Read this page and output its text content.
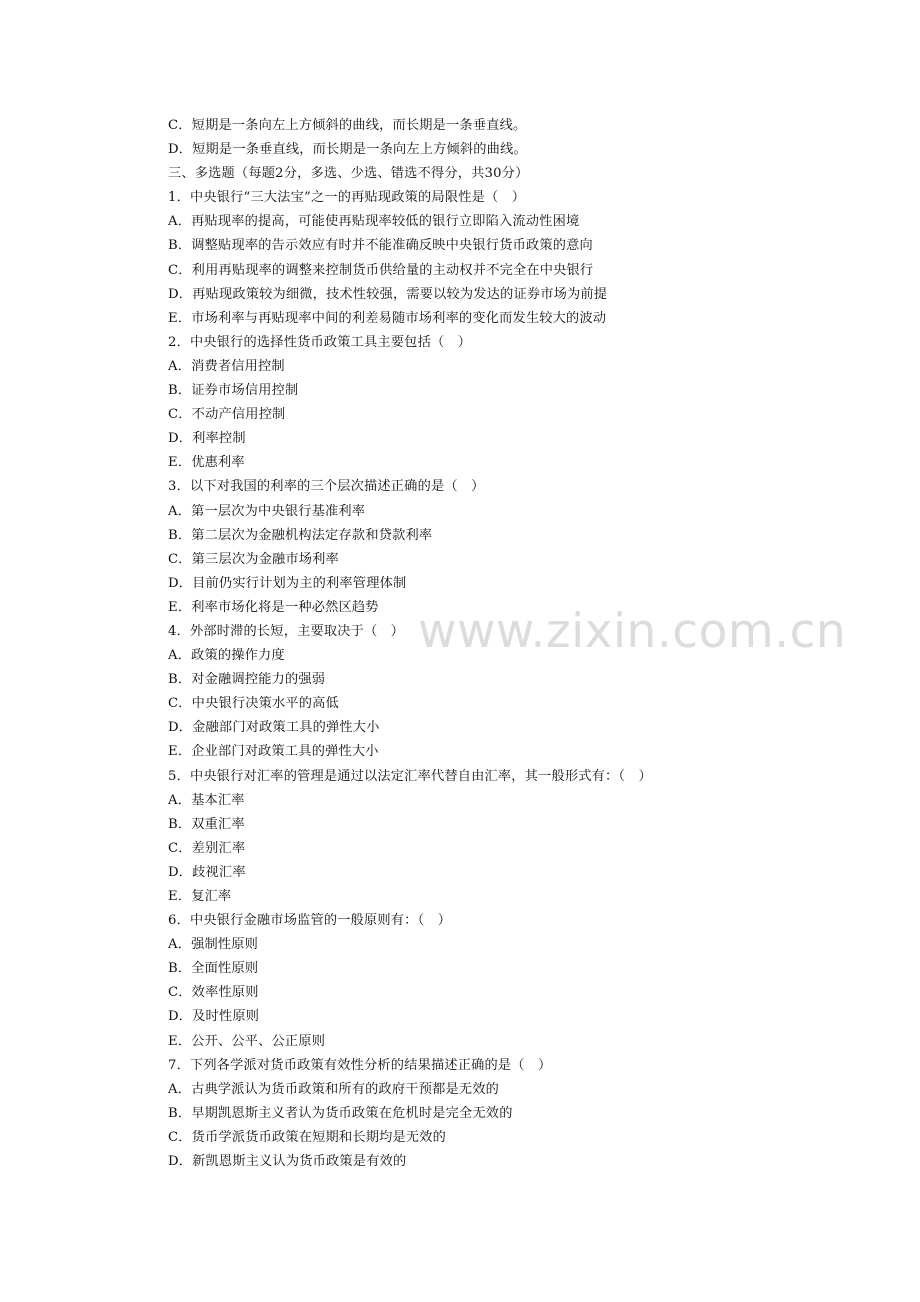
www.zixin.com.cn
C．短期是一条向左上方倾斜的曲线，而长期是一条垂直线。
D．短期是一条垂直线，而长期是一条向左上方倾斜的曲线。
三、多选题（每题2分，多选、少选、错选不得分，共30分）
1．中央银行“三大法宝”之一的再贴现政策的局限性是（　）
A．再贴现率的提高，可能使再贴现率较低的银行立即陷入流动性困境
B．调整贴现率的告示效应有时并不能准确反映中央银行货币政策的意向
C．利用再贴现率的调整来控制货币供给量的主动权并不完全在中央银行
D．再贴现政策较为细微，技术性较强，需要以较为发达的证券市场为前提
E．市场利率与再贴现率中间的利差易随市场利率的变化而发生较大的波动
2．中央银行的选择性货币政策工具主要包括（　）
A．消费者信用控制
B．证券市场信用控制
C．不动产信用控制
D．利率控制
E．优惠利率
3．以下对我国的利率的三个层次描述正确的是（　）
A．第一层次为中央银行基准利率
B．第二层次为金融机构法定存款和贷款利率
C．第三层次为金融市场利率
D．目前仍实行计划为主的利率管理体制
E．利率市场化将是一种必然区趋势
4．外部时滞的长短，主要取决于（　）
A．政策的操作力度
B．对金融调控能力的强弱
C．中央银行决策水平的高低
D．金融部门对政策工具的弹性大小
E．企业部门对政策工具的弹性大小
5．中央银行对汇率的管理是通过以法定汇率代替自由汇率，其一般形式有：（　）
A．基本汇率
B．双重汇率
C．差别汇率
D．歧视汇率
E．复汇率
6．中央银行金融市场监管的一般原则有：（　）
A．强制性原则
B．全面性原则
C．效率性原则
D．及时性原则
E．公开、公平、公正原则
7．下列各学派对货币政策有效性分析的结果描述正确的是（　）
A．古典学派认为货币政策和所有的政府干预都是无效的
B．早期凯恩斯主义者认为货币政策在危机时是完全无效的
C．货币学派货币政策在短期和长期均是无效的
D．新凯恩斯主义认为货币政策是有效的
